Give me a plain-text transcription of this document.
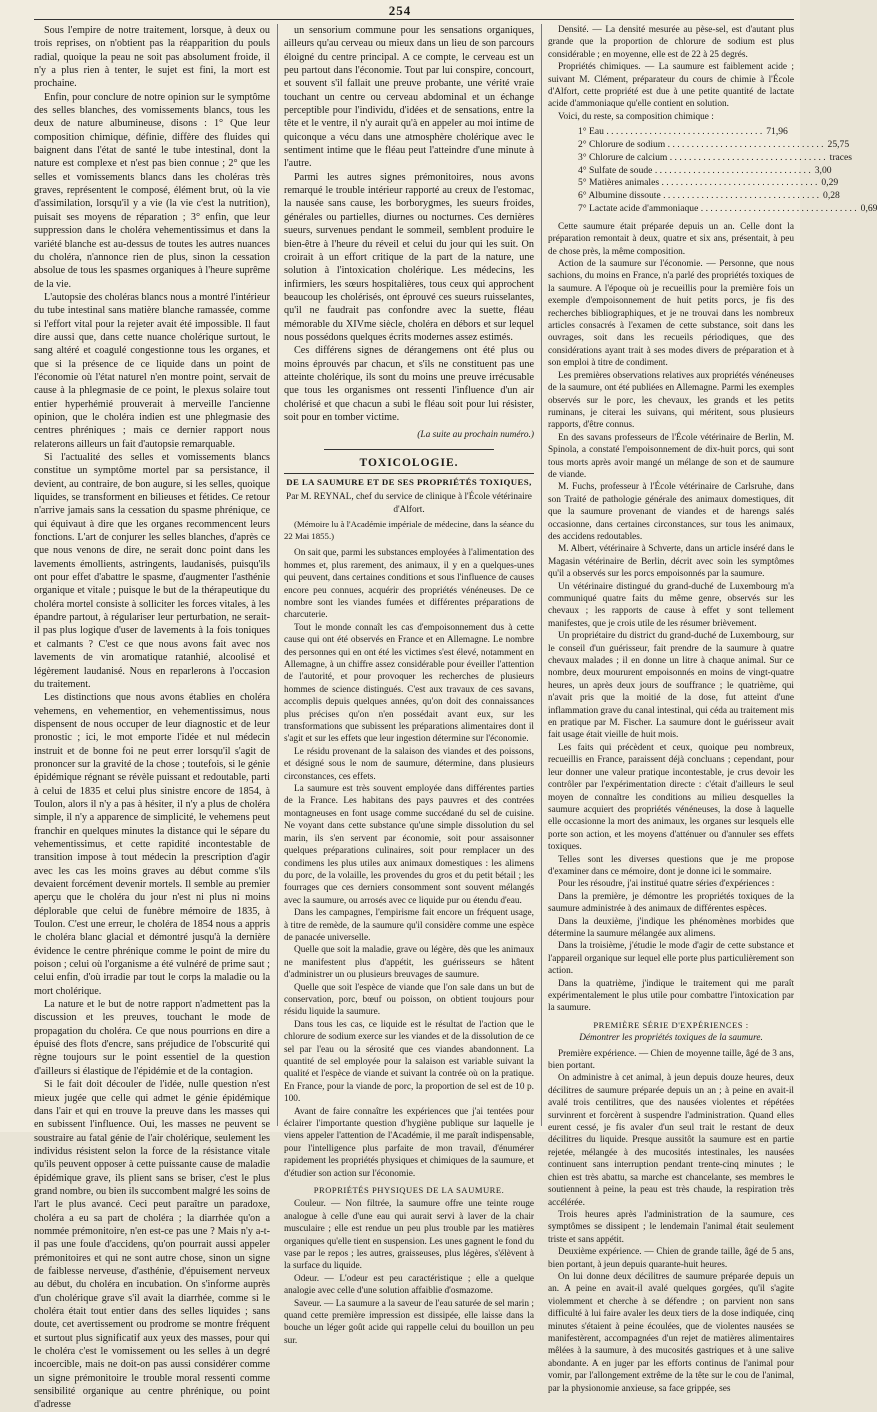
254

Sous l'empire de notre traitement, lorsque, à deux ou trois reprises, on n'obtient pas la réapparition du pouls radial, quoique la peau ne soit pas absolument froide, il n'y a plus rien à tenter, le sujet est fini, la mort est prochaine.

Enfin, pour conclure de notre opinion sur le symptôme des selles blanches, des vomissements blancs, tous les deux de nature albumineuse, disons : 1° Que leur composition chimique, définie, diffère des fluides qui baignent dans l'état de santé le tube intestinal, dont la nature est complexe et n'est pas bien connue ; 2° que les selles et vomissements blancs dans les choléras très graves, représentent le composé, élément brut, où la vie d'assimilation, lorsqu'il y a vie (la vie c'est la nutrition), puisait ses moyens de réparation ; 3° enfin, que leur suppression dans le choléra vehementissimus et dans la variété blanche est au-dessus de toutes les autres nuances du choléra, n'annonce rien de plus, sinon la cessation absolue de tous les spasmes organiques à l'heure suprême de la vie.

L'autopsie des choléras blancs nous a montré l'intérieur du tube intestinal sans matière blanche ramassée, comme si l'effort vital pour la rejeter avait été impossible. Il faut dire aussi que, dans cette nuance cholérique surtout, le sang altéré et coagulé congestionne tous les organes, et que si la présence de ce liquide dans un point de l'économie où l'état naturel n'en montre point, servait de cause à la phlegmasie de ce point, le plexus solaire tout entier hyperhémié prouverait à merveille l'ancienne opinion, que le choléra indien est une phlegmasie des centres phréniques ; mais ce dernier rapport nous relaterons ailleurs un fait d'autopsie remarquable.

Si l'actualité des selles et vomissements blancs constitue un symptôme mortel par sa persistance, il devient, au contraire, de bon augure, si les selles, quoique liquides, se transforment en bilieuses et fétides. Ce retour n'arrive jamais sans la cessation du spasme phrénique, ce qui équivaut à dire que les organes recommencent leurs fonctions. L'art de conjurer les selles blanches, d'après ce que nous venons de dire, ne serait donc point dans les lavements émollients, astringents, laudanisés, puisqu'ils ont pour effet d'abattre le spasme, d'augmenter l'asthénie organique et vitale ; puisque le but de la thérapeutique du choléra mortel consiste à solliciter les forces vitales, à les épandre partout, à régulariser leur perturbation, ne serait-il pas plus logique d'user de lavements à la fois toniques et calmants ? C'est ce que nous avons fait avec nos lavements de vin aromatique ratanhié, alcoolisé et légèrement laudanisé. Nous en reparlerons à l'occasion du traitement.

Les distinctions que nous avons établies en choléra vehemens, en vehementior, en vehementissimus, nous dispensent de nous occuper de leur diagnostic et de leur pronostic ; ici, le mot emporte l'idée et nul médecin instruit et de bonne foi ne peut errer lorsqu'il s'agit de prononcer sur la gravité de la chose ; toutefois, si le génie épidémique régnant se révèle puissant et redoutable, parti à celui de 1835 et celui plus sinistre encore de 1854, à Toulon, alors il n'y a pas à hésiter, il n'y a plus de choléra simple, il n'y a apparence de simplicité, le vehemens peut franchir en quelques minutes la distance qui le sépare du vehementissimus, et cette rapidité incontestable de transition impose à tout médecin la prescription d'agir avec les cas les moins graves au début comme s'ils devaient forcément devenir mortels. Il semble au premier aperçu que le choléra du jour n'est ni plus ni moins déplorable que celui de funèbre mémoire de 1835, à Toulon. C'est une erreur, le choléra de 1854 nous a appris le choléra blanc glacial et démontré jusqu'à la dernière évidence le centre phrénique comme le point de mire du poison ; celui où l'organisme a été vulnéré de prime saut ; celui enfin, d'où irradie par tout le corps la maladie ou la mort cholérique.

La nature et le but de notre rapport n'admettent pas la discussion et les preuves, touchant le mode de propagation du choléra. Ce que nous pourrions en dire a épuisé des flots d'encre, sans préjudice de l'obscurité qui règne toujours sur le point essentiel de la question d'ailleurs si élastique de l'épidémie et de la contagion.

Si le fait doit découler de l'idée, nulle question n'est mieux jugée que celle qui admet le génie épidémique dans l'air et qui en trouve la preuve dans les masses qui en subissent l'influence. Oui, les masses ne peuvent se soustraire au fatal génie de l'air cholérique, seulement les individus résistent selon la force de la résistance vitale qu'ils peuvent opposer à cette puissante cause de maladie épidémique grave, ils plient sans se briser, c'est le plus grand nombre, ou bien ils succombent malgré les soins de l'art le plus avancé. Ceci peut paraître un paradoxe, choléra a eu sa part de choléra ; la diarrhée qu'on a nommée prémonitoire, n'en est-ce pas une ? Mais n'y a-t-il pas une foule d'accidens, qu'on pourrait aussi appeler prémonitoires et qui ne sont autre chose, sinon un signe de faiblesse nerveuse, d'asthénie, d'épuisement nerveux au début, du choléra en incubation. On s'informe auprès d'un cholérique grave s'il avait la diarrhée, comme si le choléra était tout entier dans des selles liquides ; sans doute, cet avertissement ou prodrome se montre fréquent et surtout plus significatif aux yeux des masses, pour qui le choléra c'est le vomissement ou les selles à un degré incoercible, mais ne doit-on pas aussi considérer comme un signe prémonitoire le trouble moral ressenti comme sensibilité organique au centre phrénique, ou point d'adresse

un sensorium commune pour les sensations organiques, ailleurs qu'au cerveau ou mieux dans un lieu de son parcours éloigné du centre principal. A ce compte, le cerveau est un peu partout dans l'économie. Tout par lui conspire, concourt, et souvent s'il fallait une preuve probante, une vérité vraie touchant un centre ou cerveau abdominal et un échange perceptible pour l'individu, d'idées et de sensations, entre la tête et le ventre, il n'y aurait qu'à en appeler au moi intime de quiconque a vécu dans une atmosphère cholérique avec le sentiment intime que le fléau peut l'atteindre d'une minute à l'autre.

Parmi les autres signes prémonitoires, nous avons remarqué le trouble intérieur rapporté au creux de l'estomac, la nausée sans cause, les borborygmes, les sueurs froides, générales ou partielles, diurnes ou nocturnes. Ces dernières sueurs, survenues pendant le sommeil, semblent produire le bien-être à l'heure du réveil et celui du jour qui les suit. On croirait à un effort critique de la part de la nature, une solution à l'intoxication cholérique. Les médecins, les infirmiers, les sœurs hospitalières, tous ceux qui approchent beaucoup les cholérisés, ont éprouvé ces sueurs ruisselantes, qu'il ne faudrait pas confondre avec la suette, fléau mémorable du XIVme siècle, choléra en débors et sur lequel nous possédons quelques écrits modernes assez estimés.

Ces différens signes de dérangemens ont été plus ou moins éprouvés par chacun, et s'ils ne constituent pas une atteinte cholérique, ils sont du moins une preuve irrécusable que tous les organismes ont ressenti l'influence d'un air cholérisé et que chacun a subi le fléau soit pour lui résister, soit pour en tomber victime.

(La suite au prochain numéro.)
TOXICOLOGIE.
DE LA SAUMURE ET DE SES PROPRIÉTÉS TOXIQUES,

Par M. REYNAL, chef du service de clinique à l'École vétérinaire d'Alfort.

(Mémoire lu à l'Académie impériale de médecine, dans la séance du 22 Mai 1855.)

On sait que, parmi les substances employées à l'alimentation des hommes et, plus rarement, des animaux, il y en a quelques-unes qui peuvent, dans certaines conditions et sous l'influence de causes encore peu connues, acquérir des propriétés vénéneuses. De ce nombre sont les viandes fumées et différentes préparations de charcuterie.

Tout le monde connaît les cas d'empoisonnement dus à cette cause qui ont été observés en France et en Allemagne. Le nombre des personnes qui en ont été les victimes s'est élevé, notamment en Allemagne, à un chiffre assez considérable pour éveiller l'attention de l'autorité, et pour provoquer les recherches de plusieurs hommes de science distingués. C'est aux travaux de ces savans, accomplis depuis quelques années, qu'on doit des connaissances plus précises qu'on n'en possédait avant eux, sur les transformations que subissent les préparations alimentaires dont il s'agit et sur les effets que leur ingestion détermine sur l'économie.

Le résidu provenant de la salaison des viandes et des poissons, et désigné sous le nom de saumure, détermine, dans plusieurs circonstances, ces effets.

La saumure est très souvent employée dans différentes parties de la France. Les habitans des pays pauvres et des contrées montagneuses en font usage comme succédané du sel de cuisine. Ne voyant dans cette substance qu'une simple dissolution du sel marin, ils s'en servent par économie, soit pour assaisonner quelques préparations culinaires, soit pour remplacer un des condimens les plus utiles aux animaux domestiques : les alimens du porc, de la volaille, les provendes du gros et du petit bétail ; les fourrages que ces derniers consomment sont souvent mélangés avec la saumure, ou arrosés avec ce liquide pur ou étendu d'eau.

Dans les campagnes, l'empirisme fait encore un fréquent usage, à titre de remède, de la saumure qu'il considère comme une espèce de panacée universelle.

Quelle que soit la maladie, grave ou légère, dès que les animaux ne manifestent plus d'appétit, les guérisseurs se hâtent d'administrer un ou plusieurs breuvages de saumure.

Quelle que soit l'espèce de viande que l'on sale dans un but de conservation, porc, bœuf ou poisson, on obtient toujours pour résidu liquide la saumure.

Dans tous les cas, ce liquide est le résultat de l'action que le chlorure de sodium exerce sur les viandes et de la dissolution de ce sel par l'eau ou la sérosité que ces viandes abandonnent. La quantité de sel employée pour la salaison est variable suivant la qualité et l'espèce de viande et suivant la contrée où on la pratique. En France, pour la viande de porc, la proportion de sel est de 10 p. 100.

Avant de faire connaître les expériences que j'ai tentées pour éclairer l'importante question d'hygiène publique sur laquelle je viens appeler l'attention de l'Académie, il me paraît indispensable, pour l'intelligence plus parfaite de mon travail, d'énumérer rapidement les propriétés physiques et chimiques de la saumure, et d'étudier son action sur l'économie.

PROPRIÉTÉS PHYSIQUES DE LA SAUMURE.

Couleur. — Non filtrée, la saumure offre une teinte rouge analogue à celle d'une eau qui aurait servi à laver de la chair musculaire ; elle est rendue un peu plus trouble par les matières organiques qu'elle tient en suspension. Les unes gagnent le fond du vase par le repos ; les autres, graisseuses, plus légères, s'élèvent à la surface du liquide.

Odeur. — L'odeur est peu caractéristique ; elle a quelque analogie avec celle d'une solution affaiblie d'osmazome.

Saveur. — La saumure a la saveur de l'eau saturée de sel marin ; quand cette première impression est dissipée, elle laisse dans la bouche un léger goût acide qui rappelle celui du bouillon un peu sur.

Densité. — La densité mesurée au pèse-sel, est d'autant plus grande que la proportion de chlorure de sodium est plus considérable ; en moyenne, elle est de 22 à 25 degrés.

Propriétés chimiques. — La saumure est faiblement acide ; suivant M. Clément, préparateur du cours de chimie à l'École d'Alfort, cette propriété est due à une petite quantité de lactate acide d'ammoniaque qu'elle contient en solution.

Voici, du reste, sa composition chimique :

1° Eau . . .	71,96
2° Chlorure de sodium . . .	25,75
3° Chlorure de calcium . . .	traces
4° Sulfate de soude . . .	3,00
5° Matières animales . . .	0,29
6° Albumine dissoute . . .	0,28
7° Lactate acide d'ammoniaque . . .	0,69

Cette saumure était préparée depuis un an. Celle dont la préparation remontait à deux, quatre et six ans, présentait, à peu de chose près, la même composition.

Action de la saumure sur l'économie. — Personne, que nous sachions, du moins en France, n'a parlé des propriétés toxiques de la saumure. A l'époque où je recueillis pour la première fois un exemple d'empoisonnement de huit petits porcs, je fis des recherches bibliographiques, et je ne trouvai dans les nombreux articles consacrés à l'examen de cette substance, soit dans les ouvrages, soit dans les recueils périodiques, que des considérations ayant trait à ses modes divers de préparation et à son emploi à titre de condiment.

Les premières observations relatives aux propriétés vénéneuses de la saumure, ont été publiées en Allemagne. Parmi les exemples observés sur le porc, les chevaux, les grands et les petits ruminans, je citerai les suivans, qui méritent, sous plusieurs rapports, d'être connus.

En des savans professeurs de l'École vétérinaire de Berlin, M. Spinola, a constaté l'empoisonnement de dix-huit porcs, qui sont tous morts après avoir mangé un mélange de son et de saumure de viande.

M. Fuchs, professeur à l'École vétérinaire de Carlsruhe, dans son Traité de pathologie générale des animaux domestiques, dit que la saumure provenant de viandes et de harengs salés occasionne, dans certaines circonstances, sur tous les animaux, des accidens redoutables.

M. Albert, vétérinaire à Schverte, dans un article inséré dans le Magasin vétérinaire de Berlin, décrit avec soin les symptômes qu'il a observés sur les porcs empoisonnés par la saumure.

Un vétérinaire distingué du grand-duché de Luxembourg m'a communiqué quatre faits du même genre, observés sur les chevaux ; les rapports de cause à effet y sont tellement manifestes, que je crois utile de les résumer brièvement.

Un propriétaire du district du grand-duché de Luxembourg, sur le conseil d'un guérisseur, fait prendre de la saumure à quatre chevaux malades ; il en donne un litre à chaque animal. Sur ce nombre, deux moururent empoisonnés en moins de vingt-quatre heures, un après deux jours de souffrance ; le quatrième, qui n'avait pris que la moitié de la dose, fut atteint d'une inflammation grave du canal intestinal, qui céda au traitement mis en pratique par M. Fischer. La saumure dont le guérisseur avait fait usage était vieille de huit mois.

Les faits qui précèdent et ceux, quoique peu nombreux, recueillis en France, paraissent déjà concluans ; cependant, pour leur donner une valeur pratique incontestable, je crus devoir les contrôler par l'expérimentation directe : c'était d'ailleurs le seul moyen de connaître les conditions au milieu desquelles la saumure acquiert des propriétés vénéneuses, la dose à laquelle elle occasionne la mort des animaux, les organes sur lesquels elle porte son action, et les moyens d'atténuer ou d'annuler ses effets toxiques.

Telles sont les diverses questions que je me propose d'examiner dans ce mémoire, dont je donne ici le sommaire.

Pour les résoudre, j'ai institué quatre séries d'expériences :

Dans la première, je démontre les propriétés toxiques de la saumure administrée à des animaux de différentes espèces.

Dans la deuxième, j'indique les phénomènes morbides que détermine la saumure mélangée aux alimens.

Dans la troisième, j'étudie le mode d'agir de cette substance et l'appareil organique sur lequel elle porte plus particulièrement son action.

Dans la quatrième, j'indique le traitement qui me paraît expérimentalement le plus utile pour combattre l'intoxication par la saumure.

PREMIÈRE SÉRIE D'EXPÉRIENCES :

Démontrer les propriétés toxiques de la saumure.

Première expérience. — Chien de moyenne taille, âgé de 3 ans, bien portant.

On administre à cet animal, à jeun depuis douze heures, deux décilitres de saumure préparée depuis un an ; à peine en avait-il avalé trois centilitres, que des nausées violentes et répétées survinrent et forcèrent à suspendre l'administration. Quand elles eurent cessé, je fis avaler d'un seul trait le restant de deux décilitres du liquide. Presque aussitôt la saumure est en partie rejetée, mélangée à des mucosités intestinales, les nausées continuent sans interruption pendant trente-cinq minutes ; le chien est très abattu, sa marche est chancelante, ses membres le soutiennent à peine, la peau est très chaude, la respiration très accélérée.

Trois heures après l'administration de la saumure, ces symptômes se dissipent ; le lendemain l'animal était seulement triste et sans appétit.

Deuxième expérience. — Chien de grande taille, âgé de 5 ans, bien portant, à jeun depuis quarante-huit heures.

On lui donne deux décilitres de saumure préparée depuis un an. A peine en avait-il avalé quelques gorgées, qu'il s'agite violemment et cherche à se défendre ; on parvient non sans difficulté à lui faire avaler les deux tiers de la dose indiquée, cinq minutes s'étaient à peine écoulées, que de violentes nausées se manifestèrent, accompagnées d'un rejet de matières alimentaires mêlées à la saumure, à des mucosités gastriques et à une salive abondante. A en juger par les efforts continus de l'animal pour vomir, par l'allongement extrême de la tête sur le cou de l'animal, par la physionomie anxieuse, sa face grippée, ses
